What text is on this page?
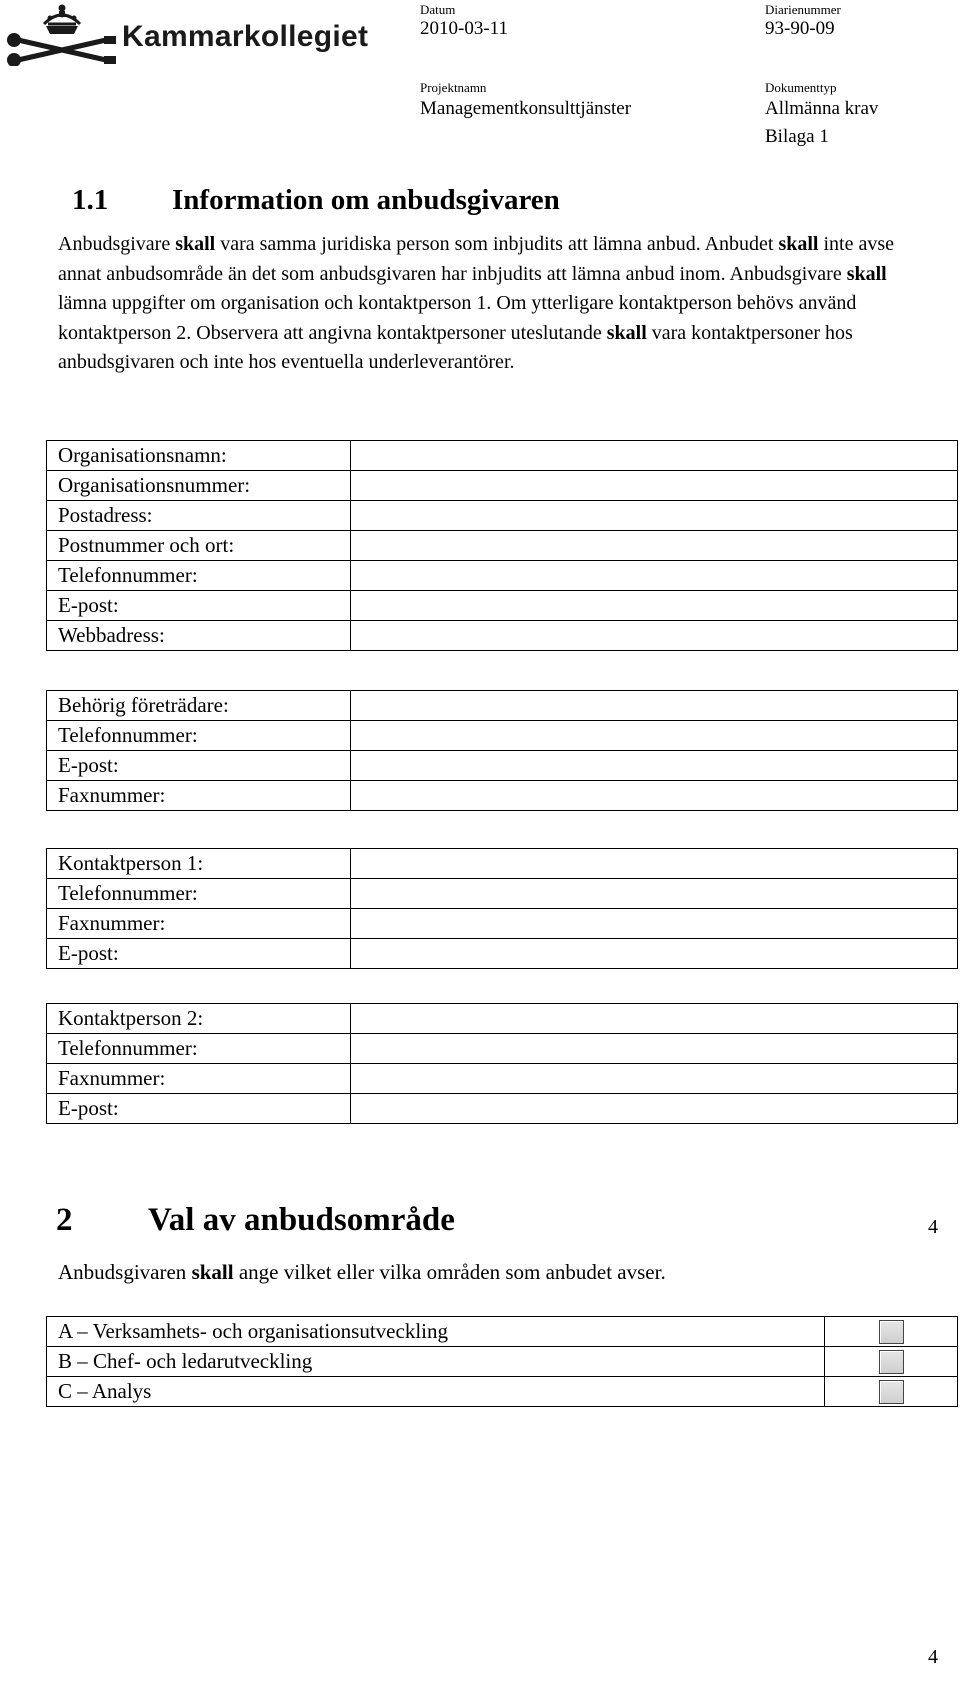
Kammarkollegiet
Datum
2010-03-11
Diarienummer
93-90-09
Projektnamn
Managementkonsulttjänster
Dokumenttyp
Allmänna krav
Bilaga 1
1.1 Information om anbudsgivaren
Anbudsgivare skall vara samma juridiska person som inbjudits att lämna anbud. Anbudet skall inte avse annat anbudsområde än det som anbudsgivaren har inbjudits att lämna anbud inom. Anbudsgivare skall lämna uppgifter om organisation och kontaktperson 1. Om ytterligare kontaktperson behövs använd kontaktperson 2. Observera att angivna kontaktpersoner uteslutande skall vara kontaktpersoner hos anbudsgivaren och inte hos eventuella underleverantörer.
Organisationsnamn:	
Organisationsnummer:	
Postadress:	
Postnummer och ort:	
Telefonnummer:	
E-post:	
Webbadress:	
Behörig företrädare:	
Telefonnummer:	
E-post:	
Faxnummer:	
Kontaktperson 1:	
Telefonnummer:	
Faxnummer:	
E-post:	
Kontaktperson 2:	
Telefonnummer:	
Faxnummer:	
E-post:	
2 Val av anbudsområde
Anbudsgivaren skall ange vilket eller vilka områden som anbudet avser.
A – Verksamhets- och organisationsutveckling	
B – Chef- och ledarutveckling	
C – Analys	
4
4
